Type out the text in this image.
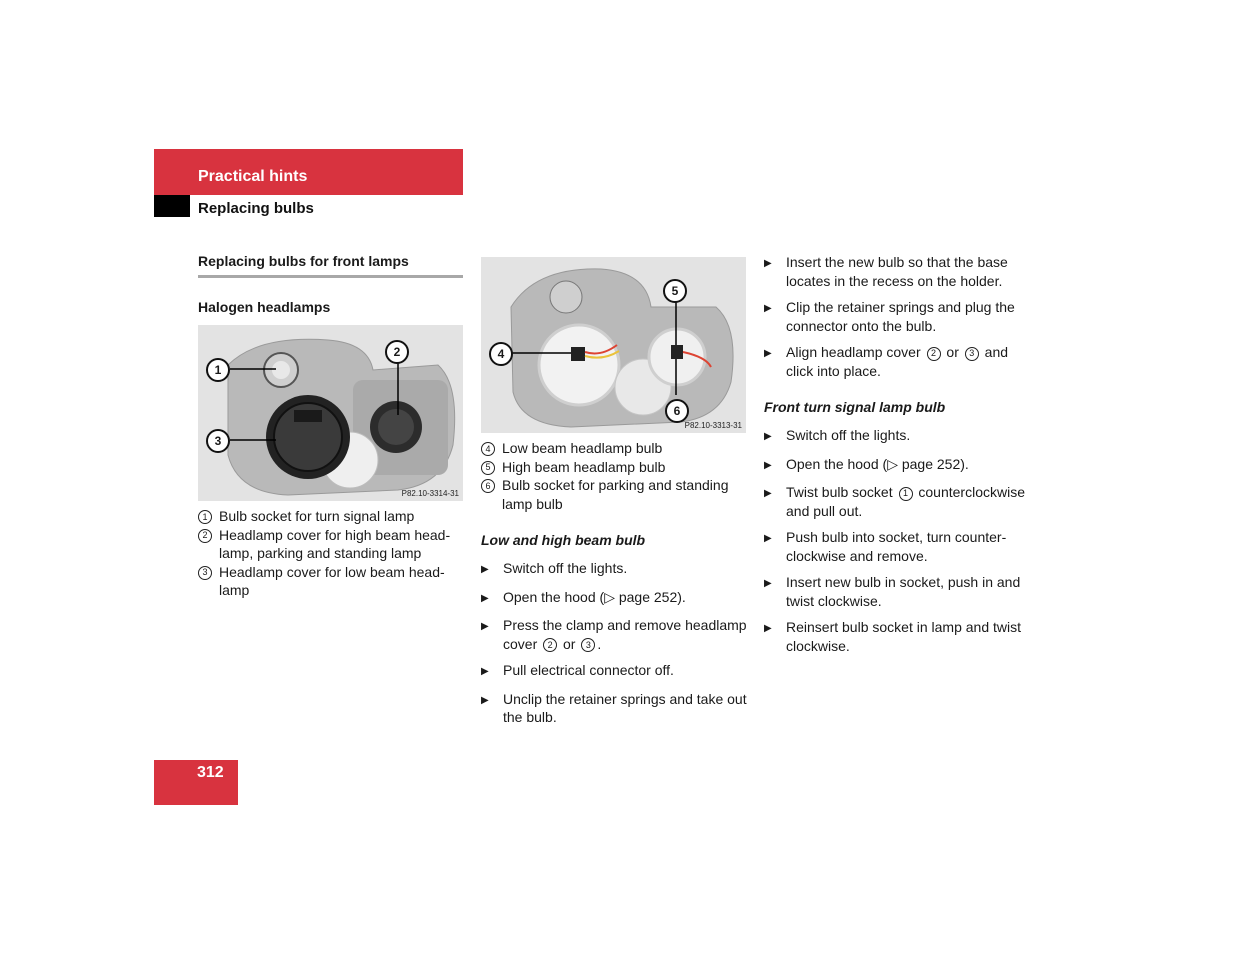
Practical hints
Replacing bulbs
Replacing bulbs for front lamps
Halogen headlamps
1
2
3
P82.10-3314-31
1 Bulb socket for turn signal lamp
2 Headlamp cover for high beam head-lamp, parking and standing lamp
3 Headlamp cover for low beam head-lamp
4
5
6
P82.10-3313-31
4 Low beam headlamp bulb
5 High beam headlamp bulb
6 Bulb socket for parking and standing lamp bulb
Low and high beam bulb
▶	Switch off the lights.
▶	Open the hood (▷ page 252).
▶	Press the clamp and remove headlamp cover 2 or 3 .
▶	Pull electrical connector off.
▶	Unclip the retainer springs and take out the bulb.
▶	Insert the new bulb so that the base locates in the recess on the holder.
▶	Clip the retainer springs and plug the connector onto the bulb.
▶	Align headlamp cover 2 or 3 and click into place.
Front turn signal lamp bulb
▶	Switch off the lights.
▶	Open the hood (▷ page 252).
▶	Twist bulb socket 1 counterclockwise and pull out.
▶	Push bulb into socket, turn counter-clockwise and remove.
▶	Insert new bulb in socket, push in and twist clockwise.
▶	Reinsert bulb socket in lamp and twist clockwise.
312
